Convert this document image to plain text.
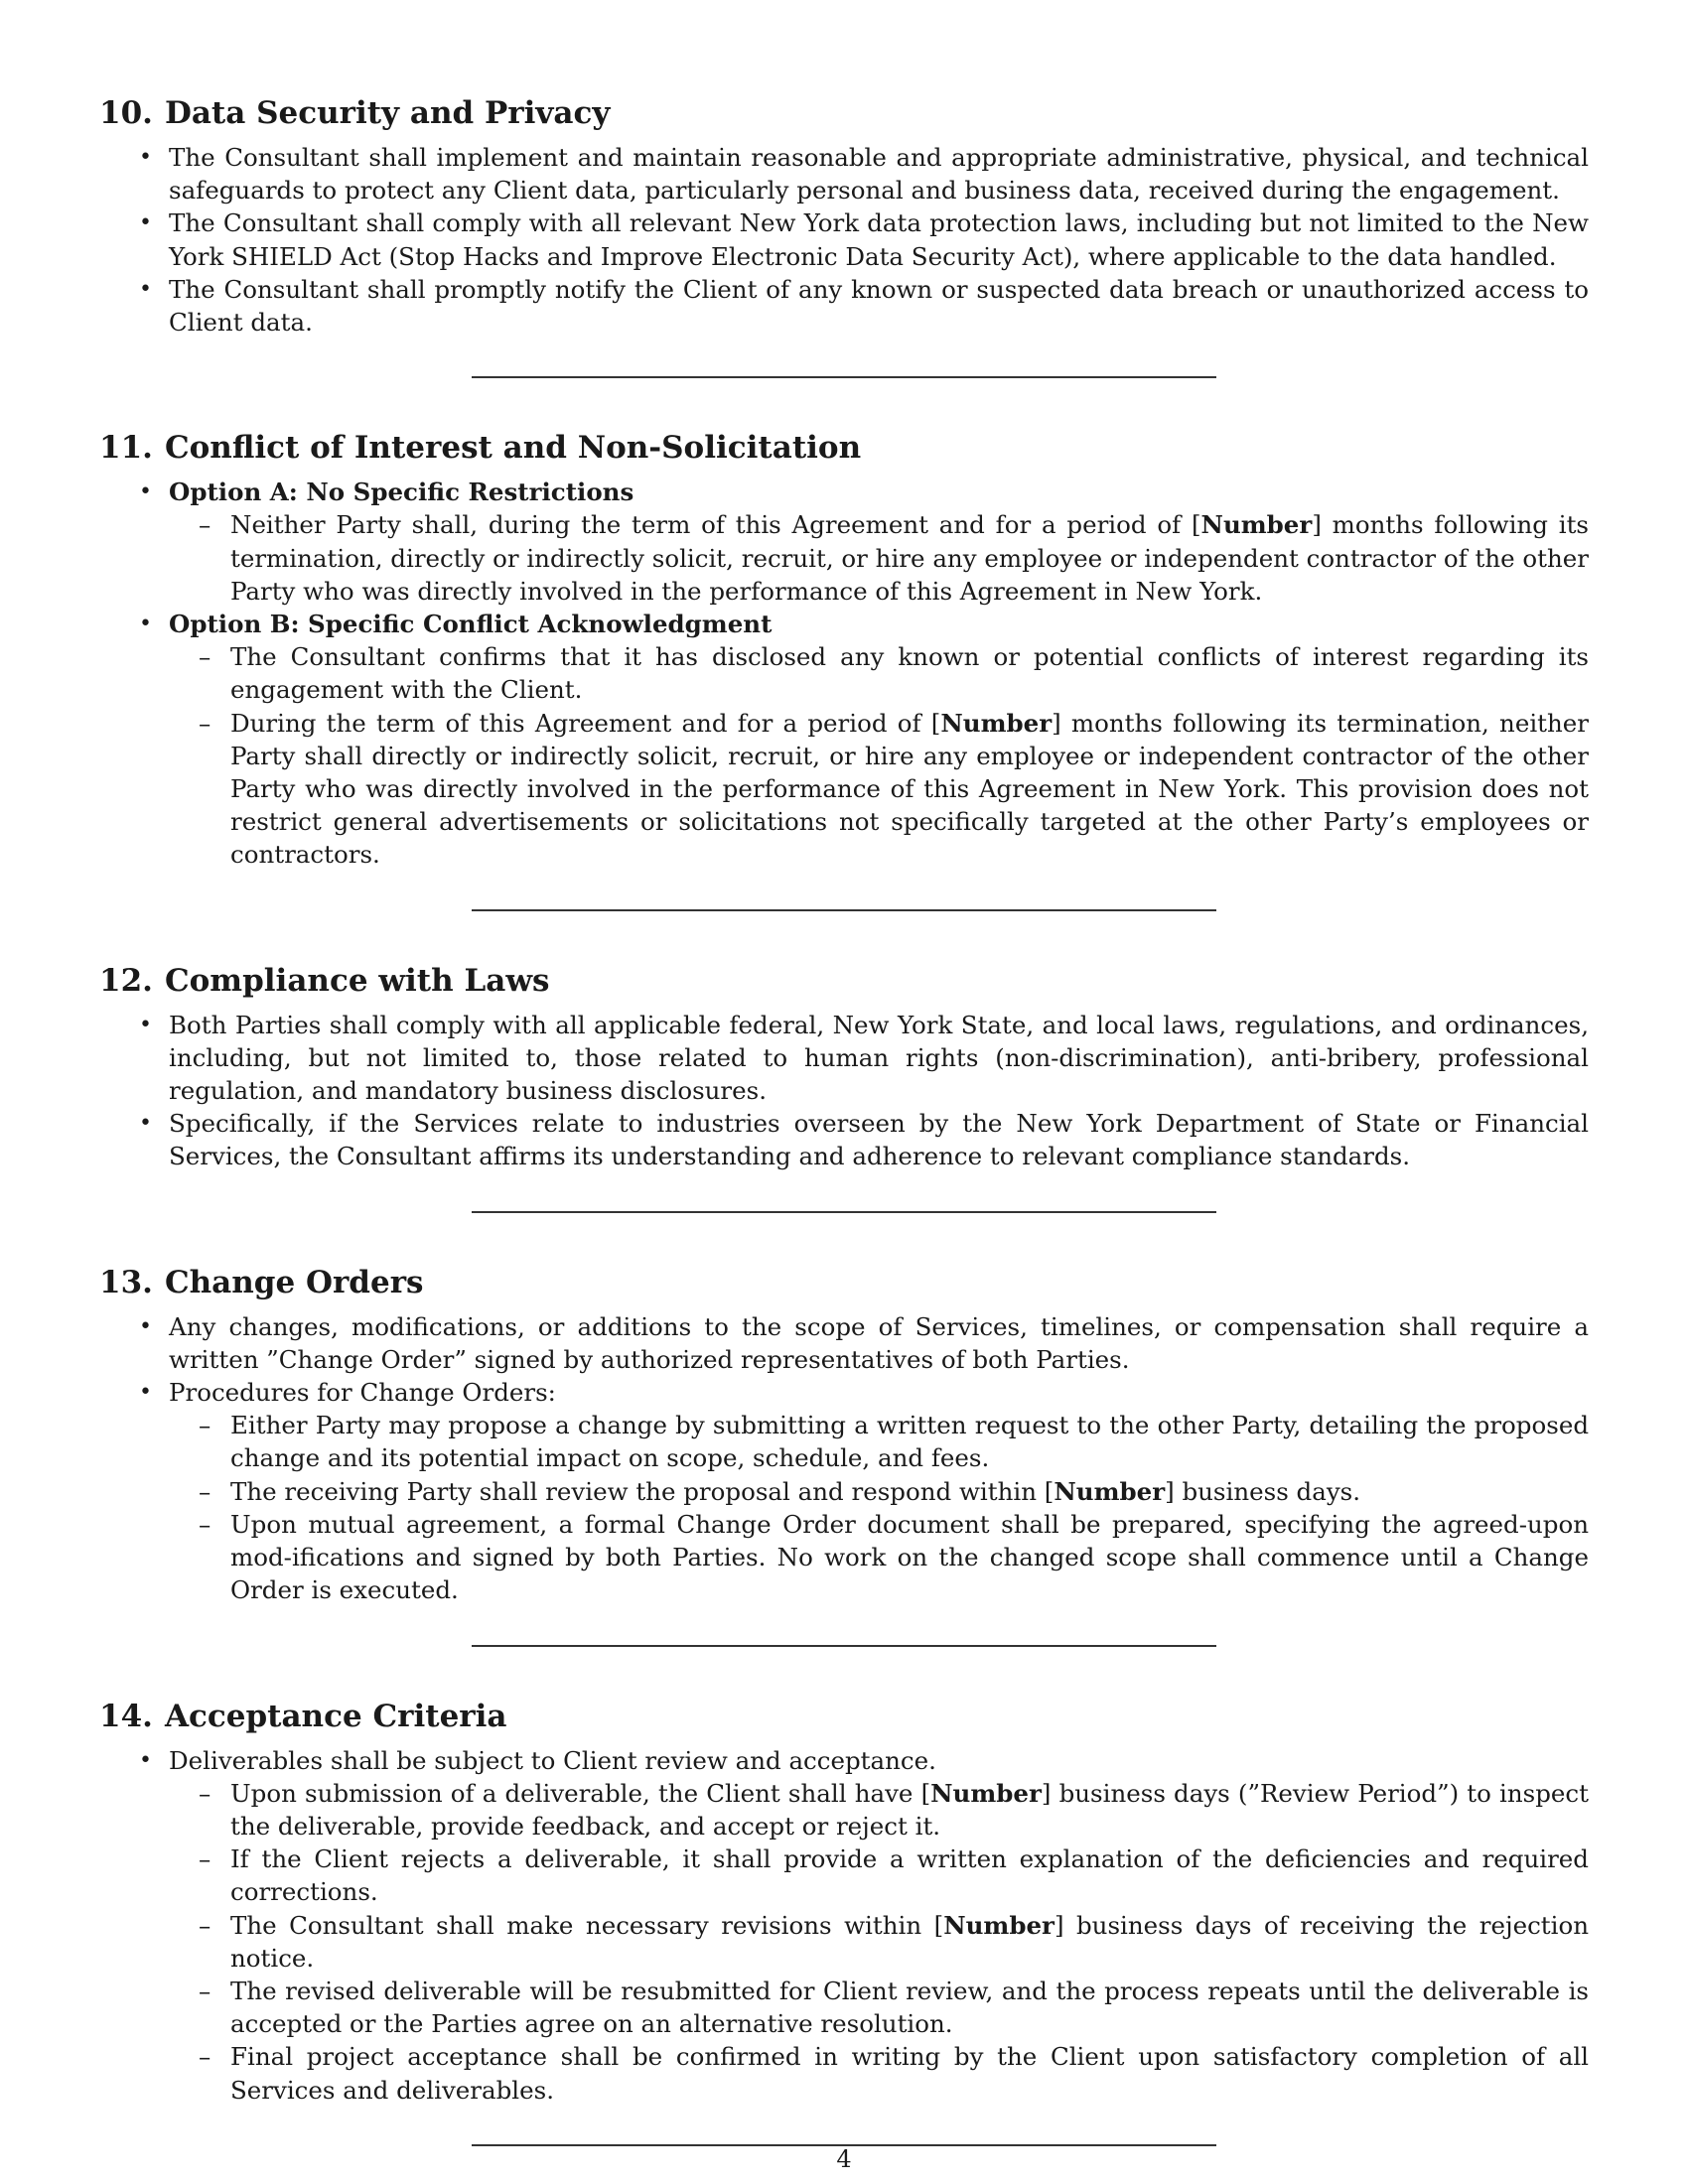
10. Data Security and Privacy
• The Consultant shall implement and maintain reasonable and appropriate administrative, physical, and technical safeguards to protect any Client data, particularly personal and business data, received during the engagement.
• The Consultant shall comply with all relevant New York data protection laws, including but not limited to the New York SHIELD Act (Stop Hacks and Improve Electronic Data Security Act), where applicable to the data handled.
• The Consultant shall promptly notify the Client of any known or suspected data breach or unauthorized access to Client data.
11. Conflict of Interest and Non-Solicitation
• Option A: No Specific Restrictions
– Neither Party shall, during the term of this Agreement and for a period of [Number] months following its termination, directly or indirectly solicit, recruit, or hire any employee or independent contractor of the other Party who was directly involved in the performance of this Agreement in New York.
• Option B: Specific Conflict Acknowledgment
– The Consultant confirms that it has disclosed any known or potential conflicts of interest regarding its engagement with the Client.
– During the term of this Agreement and for a period of [Number] months following its termination, neither Party shall directly or indirectly solicit, recruit, or hire any employee or independent contractor of the other Party who was directly involved in the performance of this Agreement in New York. This provision does not restrict general advertisements or solicitations not specifically targeted at the other Party’s employees or contractors.
12. Compliance with Laws
• Both Parties shall comply with all applicable federal, New York State, and local laws, regulations, and ordinances, including, but not limited to, those related to human rights (non-discrimination), anti-bribery, professional regulation, and mandatory business disclosures.
• Specifically, if the Services relate to industries overseen by the New York Department of State or Financial Services, the Consultant affirms its understanding and adherence to relevant compliance standards.
13. Change Orders
• Any changes, modifications, or additions to the scope of Services, timelines, or compensation shall require a written ”Change Order” signed by authorized representatives of both Parties.
• Procedures for Change Orders:
– Either Party may propose a change by submitting a written request to the other Party, detailing the proposed change and its potential impact on scope, schedule, and fees.
– The receiving Party shall review the proposal and respond within [Number] business days.
– Upon mutual agreement, a formal Change Order document shall be prepared, specifying the agreed-upon mod-ifications and signed by both Parties. No work on the changed scope shall commence until a Change Order is executed.
14. Acceptance Criteria
• Deliverables shall be subject to Client review and acceptance.
– Upon submission of a deliverable, the Client shall have [Number] business days (”Review Period”) to inspect the deliverable, provide feedback, and accept or reject it.
– If the Client rejects a deliverable, it shall provide a written explanation of the deficiencies and required corrections.
– The Consultant shall make necessary revisions within [Number] business days of receiving the rejection notice.
– The revised deliverable will be resubmitted for Client review, and the process repeats until the deliverable is accepted or the Parties agree on an alternative resolution.
– Final project acceptance shall be confirmed in writing by the Client upon satisfactory completion of all Services and deliverables.
4
